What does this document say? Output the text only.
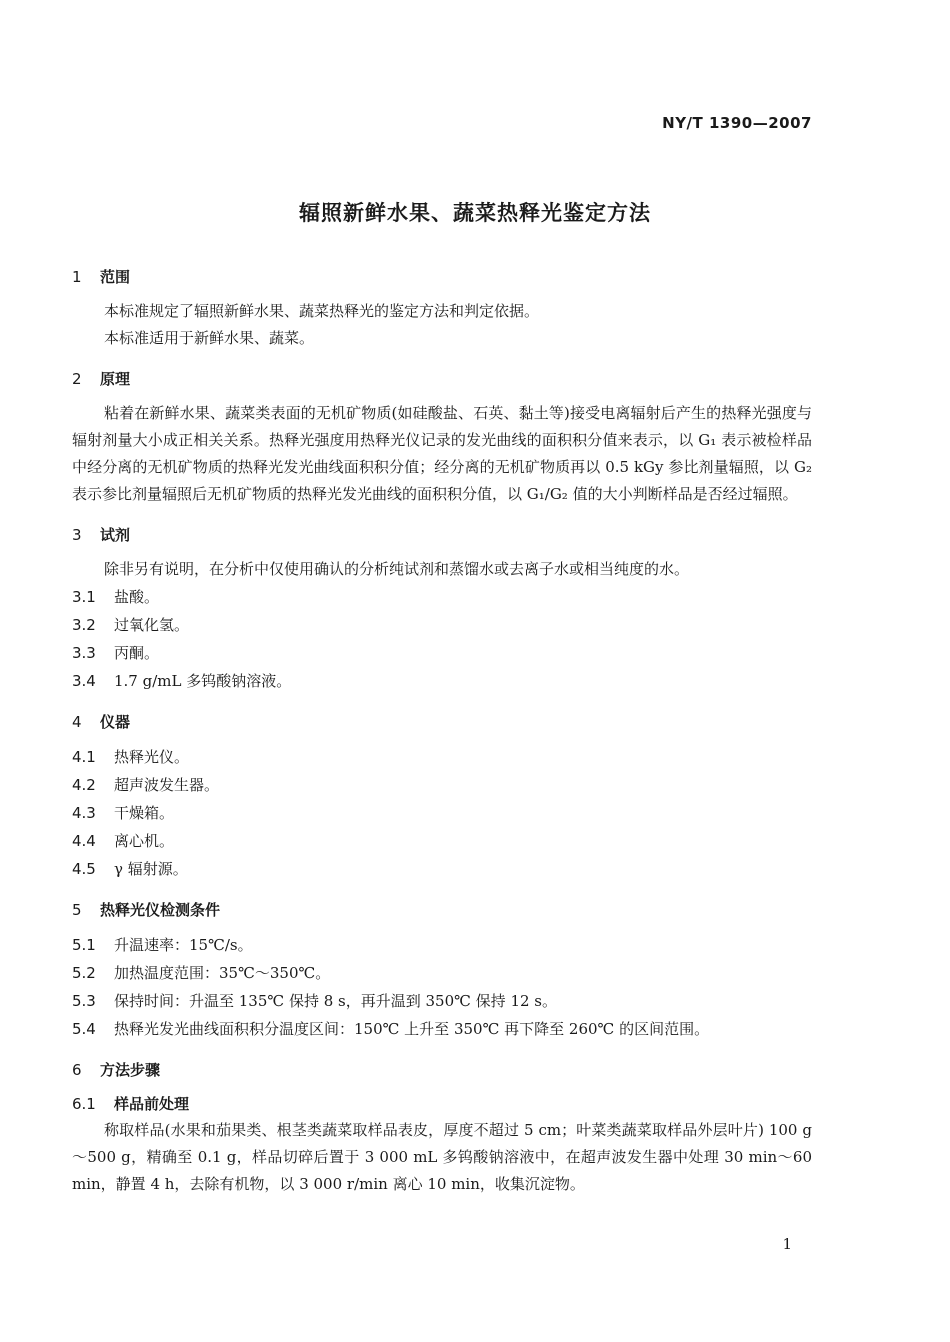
NY/T 1390—2007
辐照新鲜水果、蔬菜热释光鉴定方法
1 范围

本标准规定了辐照新鲜水果、蔬菜热释光的鉴定方法和判定依据。

本标准适用于新鲜水果、蔬菜。

2 原理

粘着在新鲜水果、蔬菜类表面的无机矿物质(如硅酸盐、石英、黏土等)接受电离辐射后产生的热释光强度与辐射剂量大小成正相关关系。热释光强度用热释光仪记录的发光曲线的面积积分值来表示，以 G₁ 表示被检样品中经分离的无机矿物质的热释光发光曲线面积积分值；经分离的无机矿物质再以 0.5 kGy 参比剂量辐照，以 G₂ 表示参比剂量辐照后无机矿物质的热释光发光曲线的面积积分值，以 G₁/G₂ 值的大小判断样品是否经过辐照。

3 试剂

除非另有说明，在分析中仅使用确认的分析纯试剂和蒸馏水或去离子水或相当纯度的水。

3.1 盐酸。

3.2 过氧化氢。

3.3 丙酮。

3.4 1.7 g/mL 多钨酸钠溶液。

4 仪器

4.1 热释光仪。

4.2 超声波发生器。

4.3 干燥箱。

4.4 离心机。

4.5 γ 辐射源。

5 热释光仪检测条件

5.1 升温速率：15℃/s。

5.2 加热温度范围：35℃～350℃。

5.3 保持时间：升温至 135℃ 保持 8 s，再升温到 350℃ 保持 12 s。

5.4 热释光发光曲线面积积分温度区间：150℃ 上升至 350℃ 再下降至 260℃ 的区间范围。

6 方法步骤
6.1 样品前处理

称取样品(水果和茄果类、根茎类蔬菜取样品表皮，厚度不超过 5 cm；叶菜类蔬菜取样品外层叶片) 100 g～500 g，精确至 0.1 g，样品切碎后置于 3 000 mL 多钨酸钠溶液中，在超声波发生器中处理 30 min～60 min，静置 4 h，去除有机物，以 3 000 r/min 离心 10 min，收集沉淀物。

1
